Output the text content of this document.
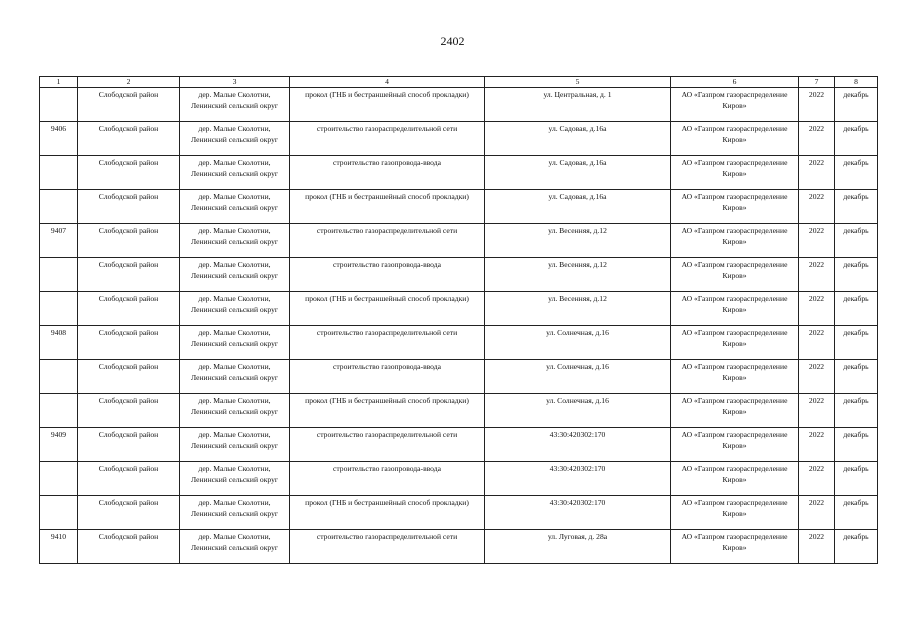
2402
1	2	3	4	5	6	7	8
	Слободской район	дер. Малые Сколотни, Ленинский сельский округ	прокол (ГНБ и бестраншейный способ прокладки)	ул. Центральная, д. 1	АО «Газпром газораспределение Киров»	2022	декабрь
9406	Слободской район	дер. Малые Сколотни, Ленинский сельский округ	строительство газораспределительной сети	ул. Садовая, д.16а	АО «Газпром газораспределение Киров»	2022	декабрь
	Слободской район	дер. Малые Сколотни, Ленинский сельский округ	строительство газопровода-ввода	ул. Садовая, д.16а	АО «Газпром газораспределение Киров»	2022	декабрь
	Слободской район	дер. Малые Сколотни, Ленинский сельский округ	прокол (ГНБ и бестраншейный способ прокладки)	ул. Садовая, д.16а	АО «Газпром газораспределение Киров»	2022	декабрь
9407	Слободской район	дер. Малые Сколотни, Ленинский сельский округ	строительство газораспределительной сети	ул. Весенняя, д.12	АО «Газпром газораспределение Киров»	2022	декабрь
	Слободской район	дер. Малые Сколотни, Ленинский сельский округ	строительство газопровода-ввода	ул. Весенняя, д.12	АО «Газпром газораспределение Киров»	2022	декабрь
	Слободской район	дер. Малые Сколотни, Ленинский сельский округ	прокол (ГНБ и бестраншейный способ прокладки)	ул. Весенняя, д.12	АО «Газпром газораспределение Киров»	2022	декабрь
9408	Слободской район	дер. Малые Сколотни, Ленинский сельский округ	строительство газораспределительной сети	ул. Солнечная, д.16	АО «Газпром газораспределение Киров»	2022	декабрь
	Слободской район	дер. Малые Сколотни, Ленинский сельский округ	строительство газопровода-ввода	ул. Солнечная, д.16	АО «Газпром газораспределение Киров»	2022	декабрь
	Слободской район	дер. Малые Сколотни, Ленинский сельский округ	прокол (ГНБ и бестраншейный способ прокладки)	ул. Солнечная, д.16	АО «Газпром газораспределение Киров»	2022	декабрь
9409	Слободской район	дер. Малые Сколотни, Ленинский сельский округ	строительство газораспределительной сети	43:30:420302:170	АО «Газпром газораспределение Киров»	2022	декабрь
	Слободской район	дер. Малые Сколотни, Ленинский сельский округ	строительство газопровода-ввода	43:30:420302:170	АО «Газпром газораспределение Киров»	2022	декабрь
	Слободской район	дер. Малые Сколотни, Ленинский сельский округ	прокол (ГНБ и бестраншейный способ прокладки)	43:30:420302:170	АО «Газпром газораспределение Киров»	2022	декабрь
9410	Слободской район	дер. Малые Сколотни, Ленинский сельский округ	строительство газораспределительной сети	ул. Луговая, д. 28а	АО «Газпром газораспределение Киров»	2022	декабрь
